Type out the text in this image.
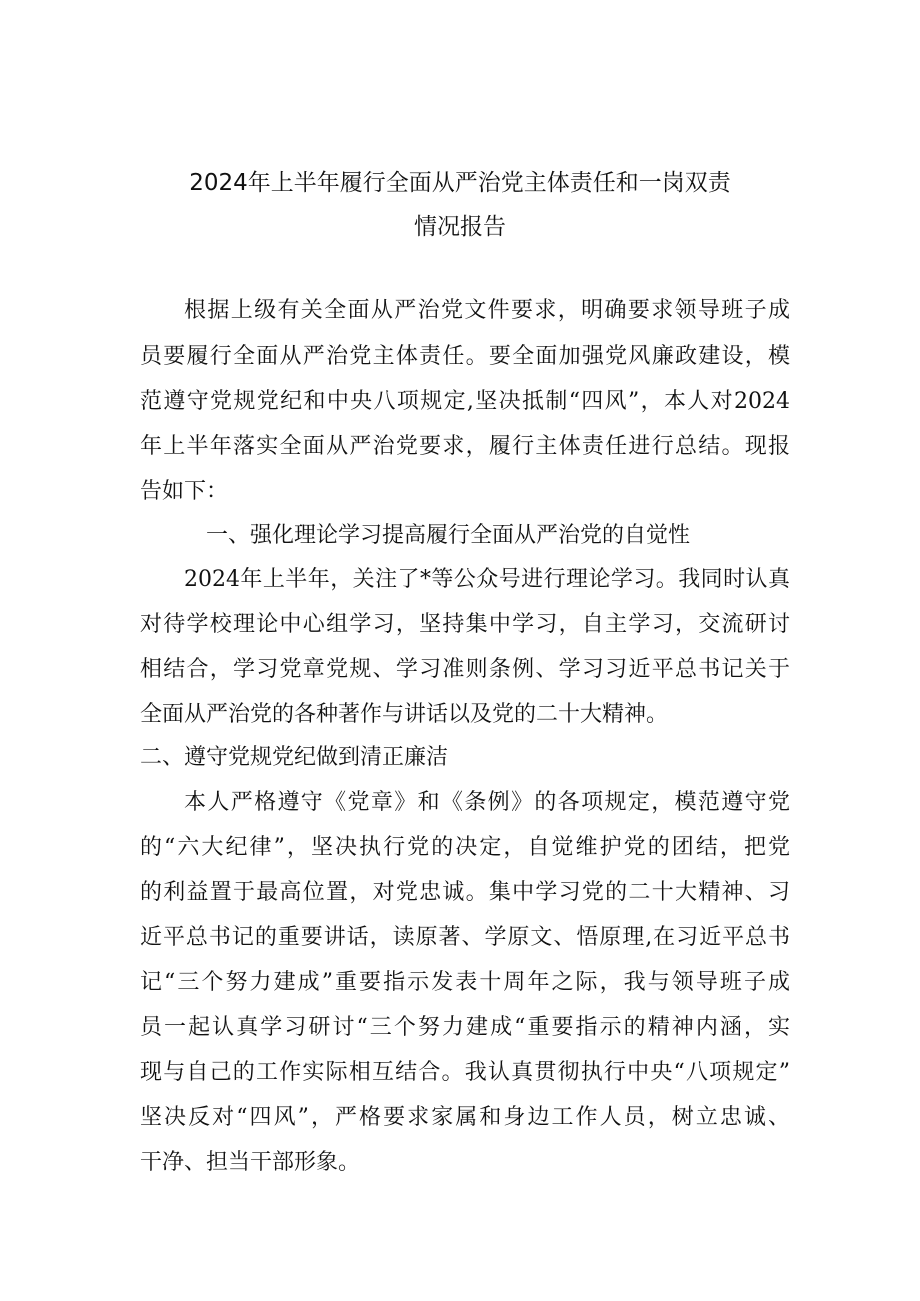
2024年上半年履行全面从严治党主体责任和一岗双责
情况报告
根据上级有关全面从严治党文件要求，明确要求领导班子成
员要履行全面从严治党主体责任。要全面加强党风廉政建设，模
范遵守党规党纪和中央八项规定,坚决抵制“四风”，本人对2024
年上半年落实全面从严治党要求，履行主体责任进行总结。现报
告如下：
一、强化理论学习提高履行全面从严治党的自觉性
2024年上半年，关注了*等公众号进行理论学习。我同时认真
对待学校理论中心组学习，坚持集中学习，自主学习，交流研讨
相结合，学习党章党规、学习准则条例、学习习近平总书记关于
全面从严治党的各种著作与讲话以及党的二十大精神。
二、遵守党规党纪做到清正廉洁
本人严格遵守《党章》和《条例》的各项规定，模范遵守党
的“六大纪律”，坚决执行党的决定，自觉维护党的团结，把党
的利益置于最高位置，对党忠诚。集中学习党的二十大精神、习
近平总书记的重要讲话，读原著、学原文、悟原理,在习近平总书
记“三个努力建成”重要指示发表十周年之际，我与领导班子成
员一起认真学习研讨“三个努力建成“重要指示的精神内涵，实
现与自己的工作实际相互结合。我认真贯彻执行中央“八项规定”
坚决反对“四风”，严格要求家属和身边工作人员，树立忠诚、
干净、担当干部形象。
